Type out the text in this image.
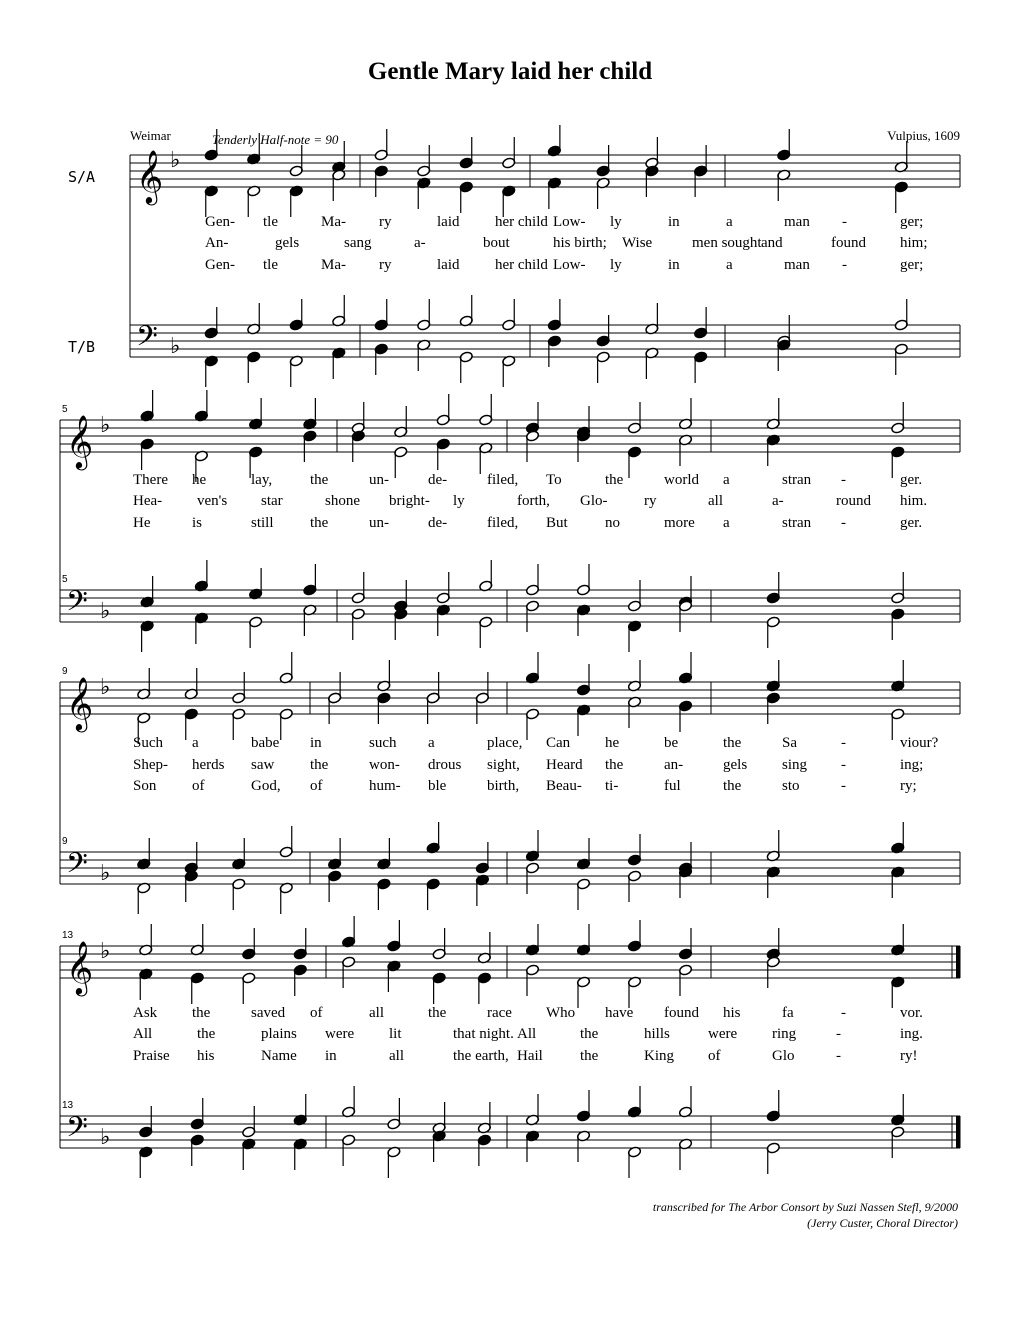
Gentle Mary laid her child
Weimar	Tenderly Half-note = 90	Vulpius, 1609
S/A
T/B
𝄞 ♭
𝄢 ♭
𝄞 ♭
𝄢 ♭
5
5
𝄞 ♭
𝄢 ♭
9
9
𝄞 ♭
𝄢 ♭
13
13
Gen- tle	Ma- ry	laid her child Low- ly	in	a	man -	ger;
An-	gels	sang	a-	bout	his birth; Wise	men sought and	found him;
Gen- tle	Ma- ry	laid her child Low- ly	in	a	man -	ger;
There he	lay,	the	un-	de-	filed, To	the	world a	stran -	ger.
Hea- ven's star	shone bright- ly	forth, Glo- ry	all	a-	round him.
He	is	still the	un-	de-	filed, But no	more a	stran -	ger.
Such a	babe in	such a	place, Can he	be	the	Sa	-	viour?
Shep- herds saw the	won- drous sight, Heard the	an-	gels sing -	ing;
Son of	God, of	hum- ble	birth, Beau- ti-	ful	the	sto	-	ry;
Ask the	saved of	all	the	race Who have found his	fa	-	vor.
All	the	plains were lit	that night. All	the	hills	were ring	-	ing.
Praise his	Name in	all	the earth, Hail the	King of	Glo	-	ry!
transcribed for The Arbor Consort by Suzi Nassen Stefl, 9/2000
(Jerry Custer, Choral Director)
